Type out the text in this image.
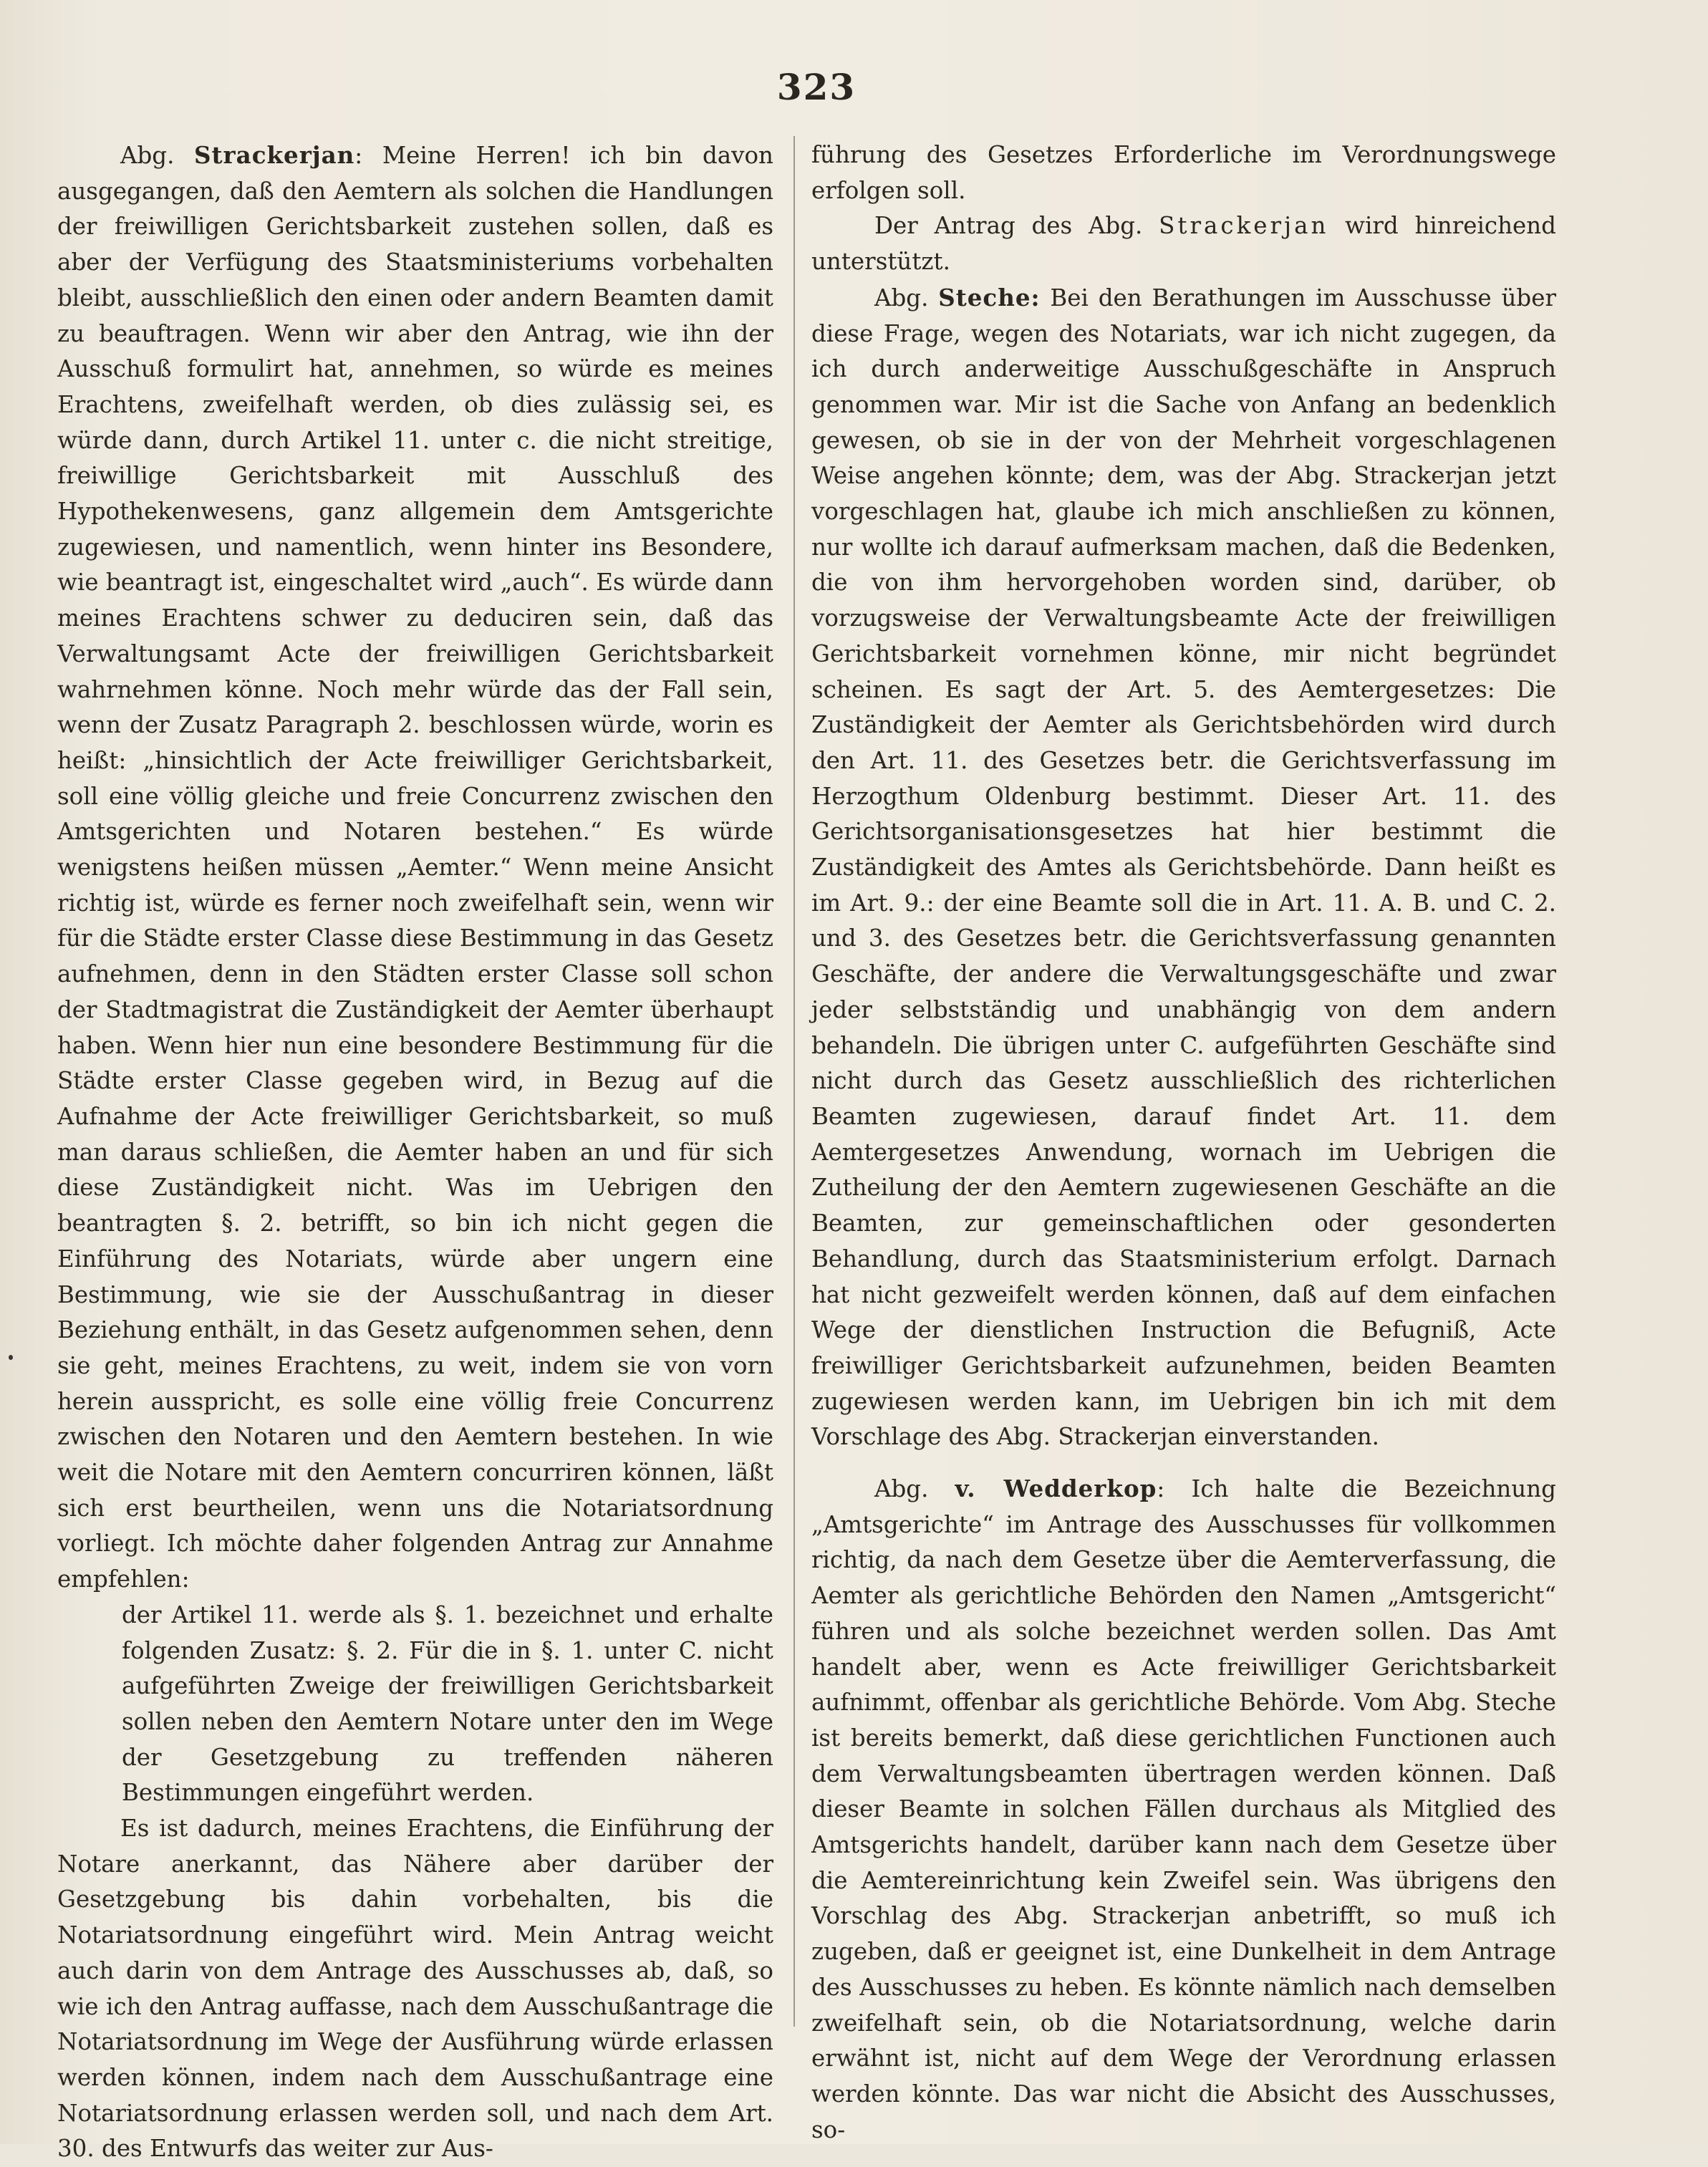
323

Abg. Strackerjan: Meine Herren! ich bin davon ausgegangen, daß den Aemtern als solchen die Handlungen der freiwilligen Gerichtsbarkeit zustehen sollen, daß es aber der Verfügung des Staatsministeriums vorbehalten bleibt, ausschließlich den einen oder andern Beamten damit zu beauftragen. Wenn wir aber den Antrag, wie ihn der Ausschuß formulirt hat, annehmen, so würde es meines Erachtens, zweifelhaft werden, ob dies zulässig sei, es würde dann, durch Artikel 11. unter c. die nicht streitige, freiwillige Gerichtsbarkeit mit Ausschluß des Hypothekenwesens, ganz allgemein dem Amtsgerichte zugewiesen, und namentlich, wenn hinter ins Besondere, wie beantragt ist, eingeschaltet wird „auch“. Es würde dann meines Erachtens schwer zu deduciren sein, daß das Verwaltungsamt Acte der freiwilligen Gerichtsbarkeit wahrnehmen könne. Noch mehr würde das der Fall sein, wenn der Zusatz Paragraph 2. beschlossen würde, worin es heißt: „hinsichtlich der Acte freiwilliger Gerichtsbarkeit, soll eine völlig gleiche und freie Concurrenz zwischen den Amtsgerichten und Notaren bestehen.“ Es würde wenigstens heißen müssen „Aemter.“ Wenn meine Ansicht richtig ist, würde es ferner noch zweifelhaft sein, wenn wir für die Städte erster Classe diese Bestimmung in das Gesetz aufnehmen, denn in den Städten erster Classe soll schon der Stadtmagistrat die Zuständigkeit der Aemter überhaupt haben. Wenn hier nun eine besondere Bestimmung für die Städte erster Classe gegeben wird, in Bezug auf die Aufnahme der Acte freiwilliger Gerichtsbarkeit, so muß man daraus schließen, die Aemter haben an und für sich diese Zuständigkeit nicht. Was im Uebrigen den beantragten §. 2. betrifft, so bin ich nicht gegen die Einführung des Notariats, würde aber ungern eine Bestimmung, wie sie der Ausschußantrag in dieser Beziehung enthält, in das Gesetz aufgenommen sehen, denn sie geht, meines Erachtens, zu weit, indem sie von vorn herein ausspricht, es solle eine völlig freie Concurrenz zwischen den Notaren und den Aemtern bestehen. In wie weit die Notare mit den Aemtern concurriren können, läßt sich erst beurtheilen, wenn uns die Notariatsordnung vorliegt. Ich möchte daher folgenden Antrag zur Annahme empfehlen:

der Artikel 11. werde als §. 1. bezeichnet und erhalte folgenden Zusatz: §. 2. Für die in §. 1. unter C. nicht aufgeführten Zweige der freiwilligen Gerichtsbarkeit sollen neben den Aemtern Notare unter den im Wege der Gesetzgebung zu treffenden näheren Bestimmungen eingeführt werden.

Es ist dadurch, meines Erachtens, die Einführung der Notare anerkannt, das Nähere aber darüber der Gesetzgebung bis dahin vorbehalten, bis die Notariatsordnung eingeführt wird. Mein Antrag weicht auch darin von dem Antrage des Ausschusses ab, daß, so wie ich den Antrag auffasse, nach dem Ausschußantrage die Notariatsordnung im Wege der Ausführung würde erlassen werden können, indem nach dem Ausschußantrage eine Notariatsordnung erlassen werden soll, und nach dem Art. 30. des Entwurfs das weiter zur Aus-

führung des Gesetzes Erforderliche im Verordnungswege erfolgen soll.

Der Antrag des Abg. Strackerjan wird hinreichend unterstützt.

Abg. Steche: Bei den Berathungen im Ausschusse über diese Frage, wegen des Notariats, war ich nicht zugegen, da ich durch anderweitige Ausschußgeschäfte in Anspruch genommen war. Mir ist die Sache von Anfang an bedenklich gewesen, ob sie in der von der Mehrheit vorgeschlagenen Weise angehen könnte; dem, was der Abg. Strackerjan jetzt vorgeschlagen hat, glaube ich mich anschließen zu können, nur wollte ich darauf aufmerksam machen, daß die Bedenken, die von ihm hervorgehoben worden sind, darüber, ob vorzugsweise der Verwaltungsbeamte Acte der freiwilligen Gerichtsbarkeit vornehmen könne, mir nicht begründet scheinen. Es sagt der Art. 5. des Aemtergesetzes: Die Zuständigkeit der Aemter als Gerichtsbehörden wird durch den Art. 11. des Gesetzes betr. die Gerichtsverfassung im Herzogthum Oldenburg bestimmt. Dieser Art. 11. des Gerichtsorganisationsgesetzes hat hier bestimmt die Zuständigkeit des Amtes als Gerichtsbehörde. Dann heißt es im Art. 9.: der eine Beamte soll die in Art. 11. A. B. und C. 2. und 3. des Gesetzes betr. die Gerichtsverfassung genannten Geschäfte, der andere die Verwaltungsgeschäfte und zwar jeder selbstständig und unabhängig von dem andern behandeln. Die übrigen unter C. aufgeführten Geschäfte sind nicht durch das Gesetz ausschließlich des richterlichen Beamten zugewiesen, darauf findet Art. 11. dem Aemtergesetzes Anwendung, wornach im Uebrigen die Zutheilung der den Aemtern zugewiesenen Geschäfte an die Beamten, zur gemeinschaftlichen oder gesonderten Behandlung, durch das Staatsministerium erfolgt. Darnach hat nicht gezweifelt werden können, daß auf dem einfachen Wege der dienstlichen Instruction die Befugniß, Acte freiwilliger Gerichtsbarkeit aufzunehmen, beiden Beamten zugewiesen werden kann, im Uebrigen bin ich mit dem Vorschlage des Abg. Strackerjan einverstanden.

Abg. v. Wedderkop: Ich halte die Bezeichnung „Amtsgerichte“ im Antrage des Ausschusses für vollkommen richtig, da nach dem Gesetze über die Aemterverfassung, die Aemter als gerichtliche Behörden den Namen „Amtsgericht“ führen und als solche bezeichnet werden sollen. Das Amt handelt aber, wenn es Acte freiwilliger Gerichtsbarkeit aufnimmt, offenbar als gerichtliche Behörde. Vom Abg. Steche ist bereits bemerkt, daß diese gerichtlichen Functionen auch dem Verwaltungsbeamten übertragen werden können. Daß dieser Beamte in solchen Fällen durchaus als Mitglied des Amtsgerichts handelt, darüber kann nach dem Gesetze über die Aemtereinrichtung kein Zweifel sein. Was übrigens den Vorschlag des Abg. Strackerjan anbetrifft, so muß ich zugeben, daß er geeignet ist, eine Dunkelheit in dem Antrage des Ausschusses zu heben. Es könnte nämlich nach demselben zweifelhaft sein, ob die Notariatsordnung, welche darin erwähnt ist, nicht auf dem Wege der Verordnung erlassen werden könnte. Das war nicht die Absicht des Ausschusses, so-
